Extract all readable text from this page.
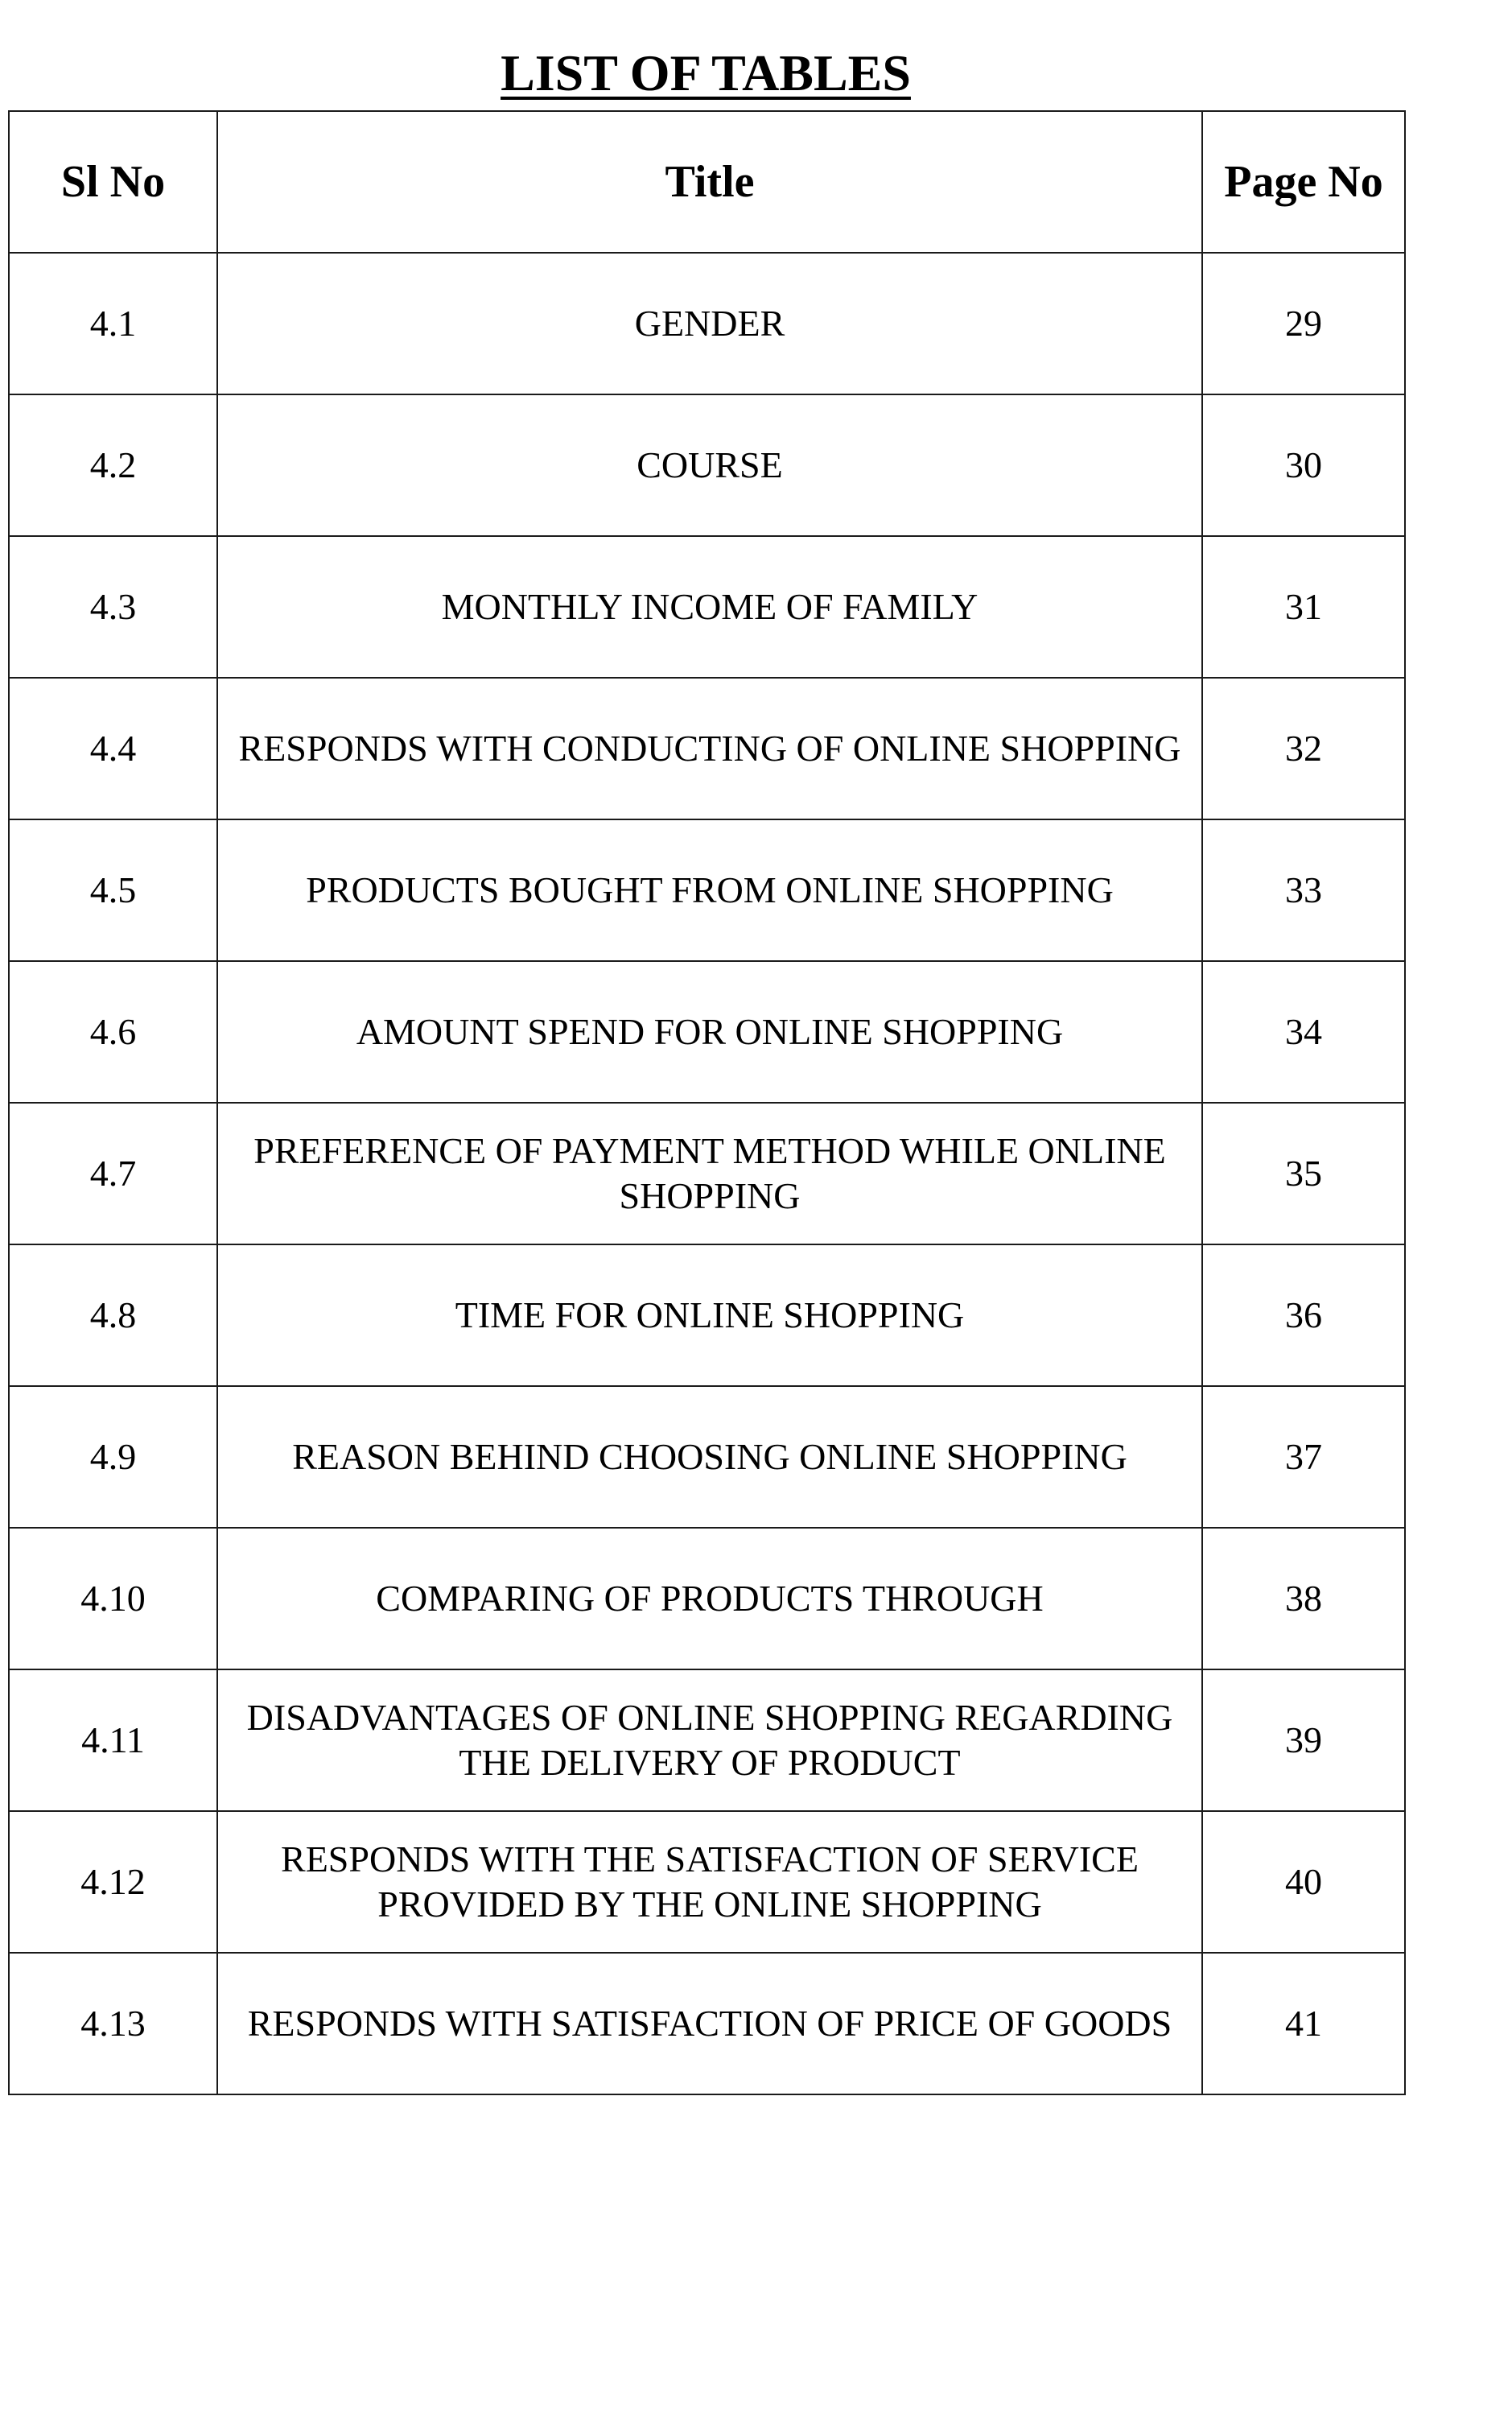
LIST OF TABLES
Sl No	Title	Page No
4.1	GENDER	29
4.2	COURSE	30
4.3	MONTHLY INCOME OF FAMILY	31
4.4	RESPONDS WITH CONDUCTING OF ONLINE SHOPPING	32
4.5	PRODUCTS BOUGHT FROM ONLINE SHOPPING	33
4.6	AMOUNT SPEND FOR ONLINE SHOPPING	34
4.7	PREFERENCE OF PAYMENT METHOD WHILE ONLINE SHOPPING	35
4.8	TIME FOR ONLINE SHOPPING	36
4.9	REASON BEHIND CHOOSING ONLINE SHOPPING	37
4.10	COMPARING OF PRODUCTS THROUGH	38
4.11	DISADVANTAGES OF ONLINE SHOPPING REGARDING THE DELIVERY OF PRODUCT	39
4.12	RESPONDS WITH THE SATISFACTION OF SERVICE PROVIDED BY THE ONLINE SHOPPING	40
4.13	RESPONDS WITH SATISFACTION OF PRICE OF GOODS	41
